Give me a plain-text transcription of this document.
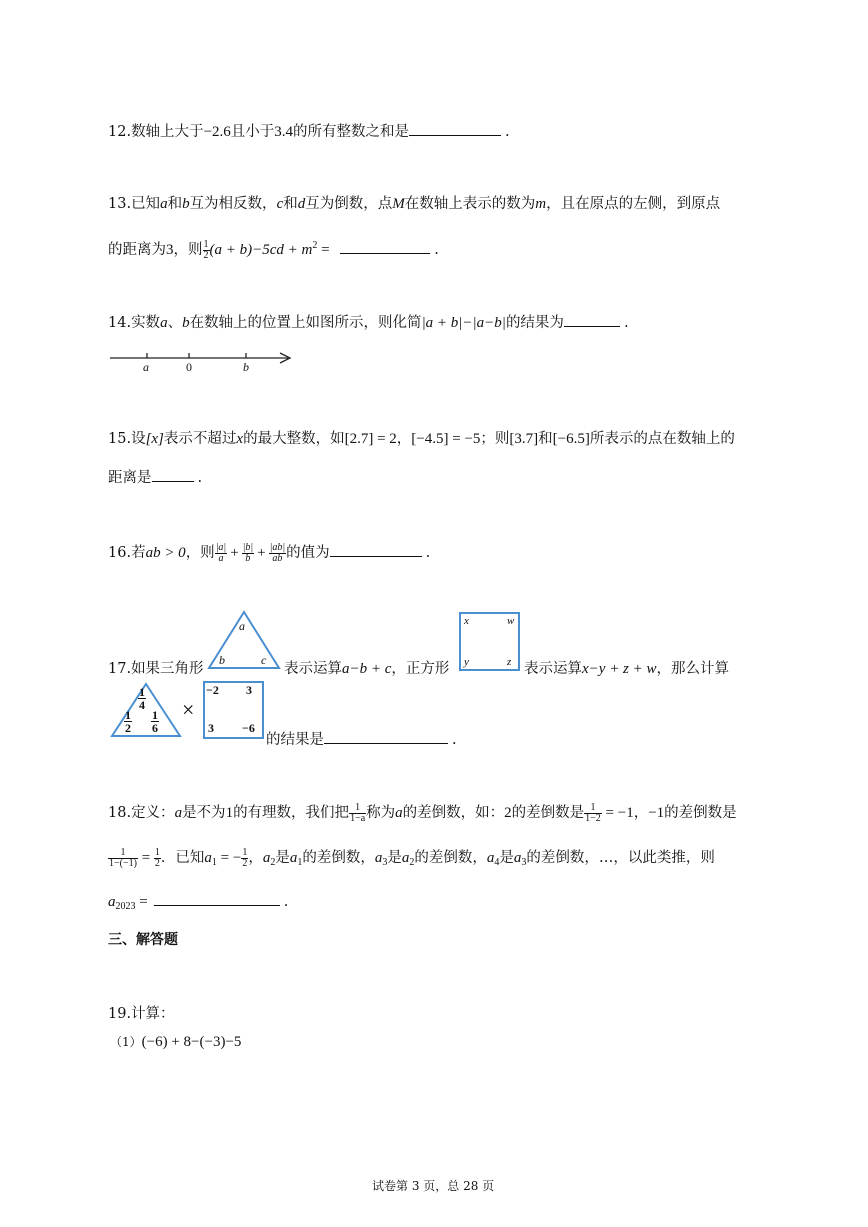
12.数轴上大于−2.6且小于3.4的所有整数之和是	.
13.已知a和b互为相反数，c和d互为倒数，点M在数轴上表示的数为m，且在原点的左侧，到原点
的距离为3，则 $\frac{1}{2} (a + b)-5cd + m^2$ =	.
14.实数a、b在数轴上的位置上如图所示，则化简|a + b|−|a−b|的结果为	.
a	0	b
15.设[x]表示不超过x的最大整数，如[2.7] = 2，[−4.5] = −5；则[3.7]和[−6.5]所表示的点在数轴上的
距离是	.
16.若ab > 0，则 $\frac{|a|}{a} + \frac{|b|}{b} + \frac{|ab|}{ab}$ 的值为	.
a
b	c
x	w
y	z
17.如果三角形	表示运算a−b + c，正方形	表示运算x−y + z + w，那么计算
$\frac{1}{4}$
$\frac{1}{2} \frac{1}{6}$ ×
−2 3
3 −6
的结果是	.
18.定义：a是不为1的有理数，我们把 $\frac{1}{1-a}$ 称为a的差倒数，如：2的差倒数是 $\frac{1}{1-2} = -1$，−1的差倒数是
$\frac{1}{1-(-1)} = \frac{1}{2}$ ．已知$a_1$ = − $\frac{1}{2}$ ，$a_2$是$a_1$的差倒数，$a_3$是$a_2$的差倒数，$a_4$是$a_3$的差倒数，…，以此类推，则
$a_{2023}$ =	.
三、解答题
19.计算：
（1）(−6) + 8−(−3)−5
试卷第 3 页，总 28 页
